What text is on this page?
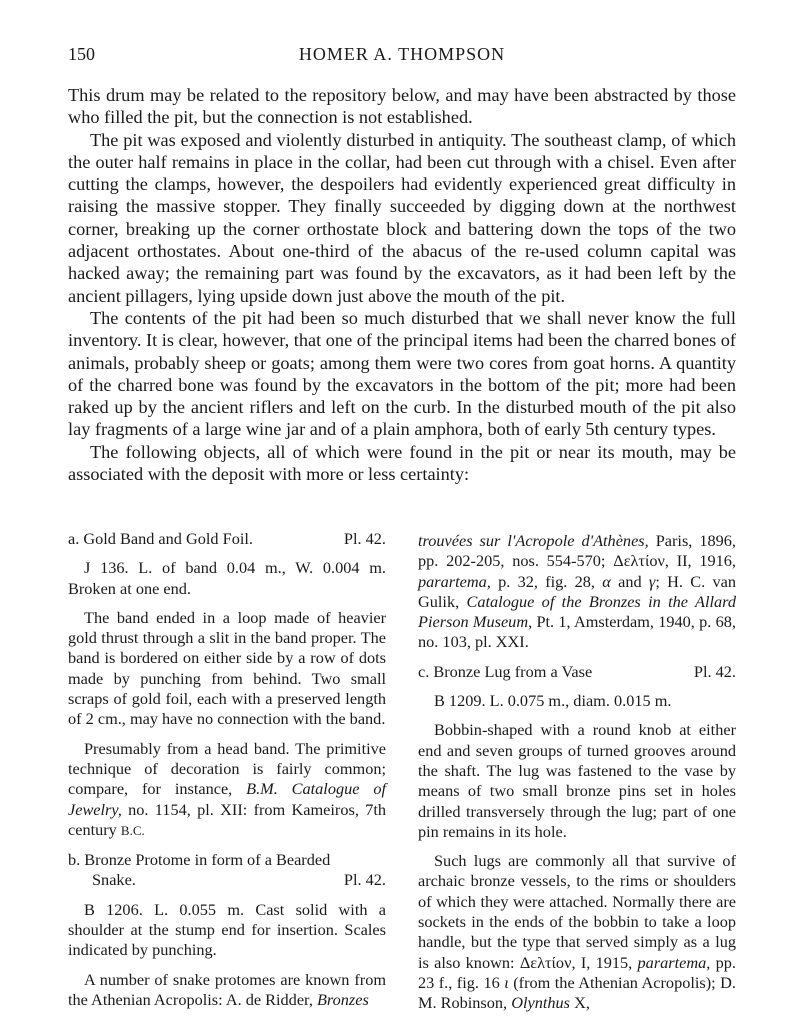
150	HOMER A. THOMPSON

This drum may be related to the repository below, and may have been abstracted by those who filled the pit, but the connection is not established.

The pit was exposed and violently disturbed in antiquity. The southeast clamp, of which the outer half remains in place in the collar, had been cut through with a chisel. Even after cutting the clamps, however, the despoilers had evidently experienced great difficulty in raising the massive stopper. They finally succeeded by digging down at the northwest corner, breaking up the corner orthostate block and battering down the tops of the two adjacent orthostates. About one-third of the abacus of the re-used column capital was hacked away; the remaining part was found by the excavators, as it had been left by the ancient pillagers, lying upside down just above the mouth of the pit.

The contents of the pit had been so much disturbed that we shall never know the full inventory. It is clear, however, that one of the principal items had been the charred bones of animals, probably sheep or goats; among them were two cores from goat horns. A quantity of the charred bone was found by the excavators in the bottom of the pit; more had been raked up by the ancient riflers and left on the curb. In the disturbed mouth of the pit also lay fragments of a large wine jar and of a plain amphora, both of early 5th century types.

The following objects, all of which were found in the pit or near its mouth, may be associated with the deposit with more or less certainty:

a. Gold Band and Gold Foil.	Pl. 42.

J 136. L. of band 0.04 m., W. 0.004 m. Broken at one end.

The band ended in a loop made of heavier gold thrust through a slit in the band proper. The band is bordered on either side by a row of dots made by punching from behind. Two small scraps of gold foil, each with a preserved length of 2 cm., may have no connection with the band.

Presumably from a head band. The primitive technique of decoration is fairly common; compare, for instance, B.M. Catalogue of Jewelry, no. 1154, pl. XII: from Kameiros, 7th century B.C.

b. Bronze Protome in form of a Bearded
Snake.	Pl. 42.

B 1206. L. 0.055 m. Cast solid with a shoulder at the stump end for insertion. Scales indicated by punching.

A number of snake protomes are known from the Athenian Acropolis: A. de Ridder, Bronzes

trouvées sur l'Acropole d'Athènes, Paris, 1896, pp. 202-205, nos. 554-570; Δελτίον, II, 1916, parartema, p. 32, fig. 28, α and γ; H. C. van Gulik, Catalogue of the Bronzes in the Allard Pierson Museum, Pt. 1, Amsterdam, 1940, p. 68, no. 103, pl. XXI.

c. Bronze Lug from a Vase	Pl. 42.

B 1209. L. 0.075 m., diam. 0.015 m.

Bobbin-shaped with a round knob at either end and seven groups of turned grooves around the shaft. The lug was fastened to the vase by means of two small bronze pins set in holes drilled transversely through the lug; part of one pin remains in its hole.

Such lugs are commonly all that survive of archaic bronze vessels, to the rims or shoulders of which they were attached. Normally there are sockets in the ends of the bobbin to take a loop handle, but the type that served simply as a lug is also known: Δελτίον, I, 1915, parartema, pp. 23 f., fig. 16 ι (from the Athenian Acropolis); D. M. Robinson, Olynthus X,
